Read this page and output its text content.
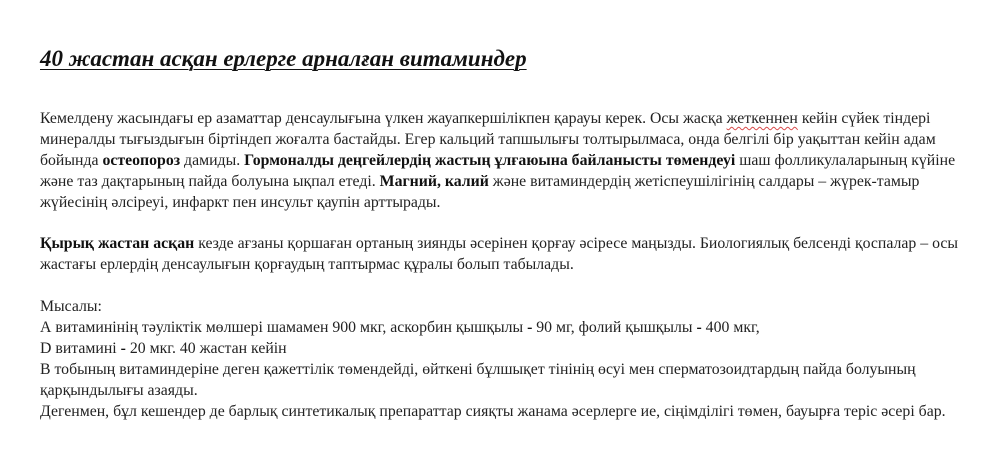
40 жастан асқан ерлерге арналған витаминдер

Кемелдену жасындағы ер азаматтар денсаулығына үлкен жауапкершілікпен қарауы керек. Осы жасқа жеткеннен кейін сүйек тіндері минералды тығыздығын біртіндеп жоғалта бастайды. Егер кальций тапшылығы толтырылмаса, онда белгілі бір уақыттан кейін адам бойында остеопороз дамиды. Гормоналды деңгейлердің жастың ұлғаюына байланысты төмендеуі шаш фолликулаларының күйіне және таз дақтарының пайда болуына ықпал етеді. Магний, калий және витаминдердің жетіспеушілігінің салдары – жүрек-тамыр жүйесінің әлсіреуі, инфаркт пен инсульт қаупін арттырады.

Қырық жастан асқан кезде ағзаны қоршаған ортаның зиянды әсерінен қорғау әсіресе маңызды. Биологиялық белсенді қоспалар – осы жастағы ерлердің денсаулығын қорғаудың таптырмас құралы болып табылады.

Мысалы:
А витаминінің тәуліктік мөлшері шамамен 900 мкг, аскорбин қышқылы - 90 мг, фолий қышқылы - 400 мкг,
D витамині - 20 мкг. 40 жастан кейін
В тобының витаминдеріне деген қажеттілік төмендейді, өйткені бұлшықет тінінің өсуі мен сперматозоидтардың пайда болуының қарқындылығы азаяды.
Дегенмен, бұл кешендер де барлық синтетикалық препараттар сияқты жанама әсерлерге ие, сіңімділігі төмен, бауырға теріс әсері бар.
